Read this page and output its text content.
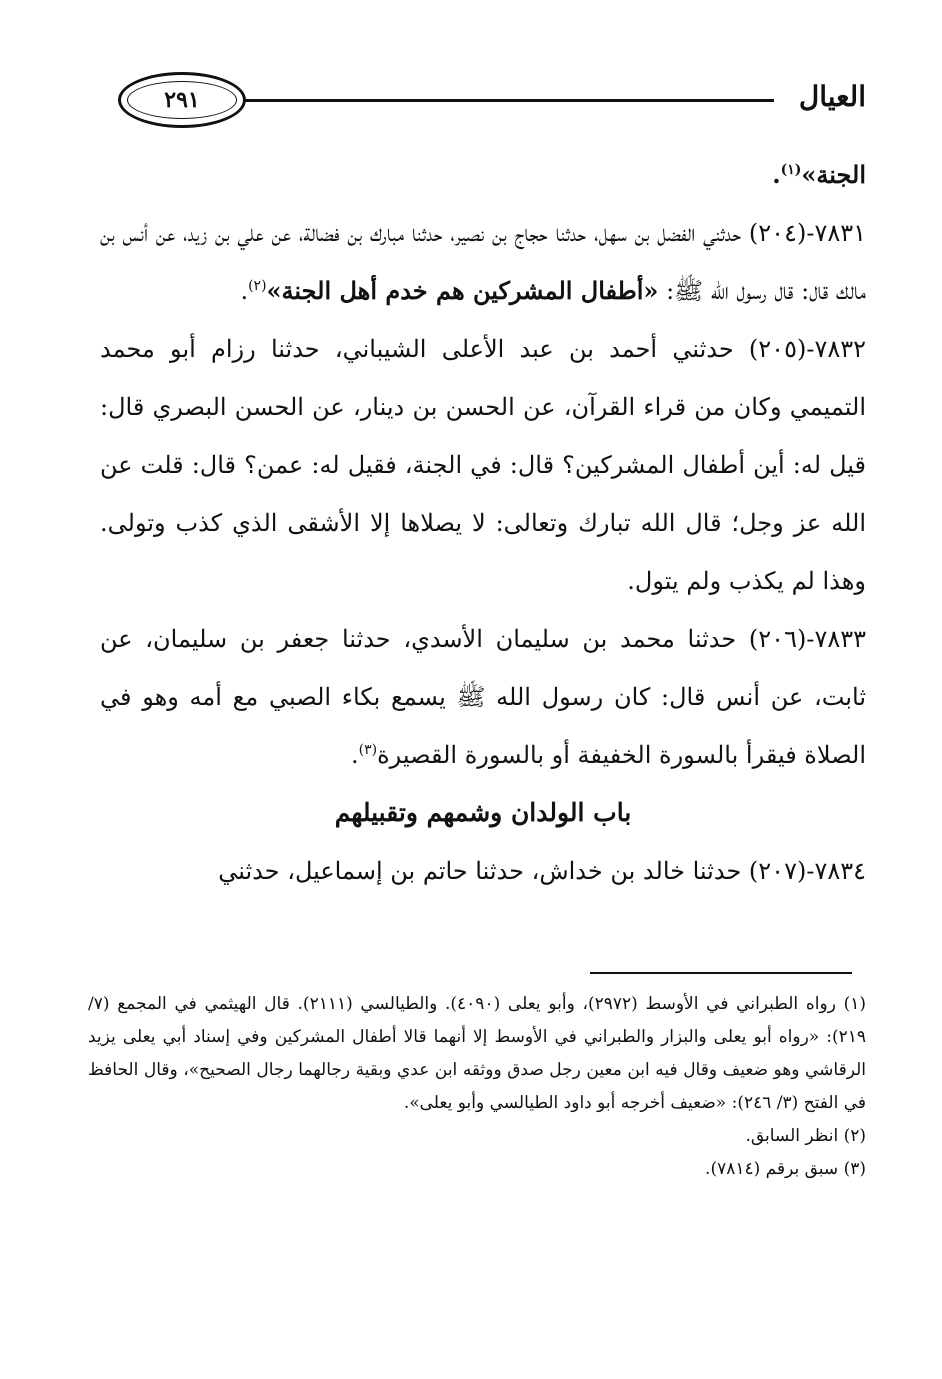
٢٩١	العيال

الجنة»$^{(١)}$.

٧٨٣١-(٢٠٤) حدثني الفضل بن سهل، حدثنا حجاج بن نصير، حدثنا مبارك بن فضالة، عن علي بن زيد، عن أنس بن مالك قال: قال رسول الله ﷺ: «أطفال المشركين هم خدم أهل الجنة»$^{(٢)}$.

٧٨٣٢-(٢٠٥) حدثني أحمد بن عبد الأعلى الشيباني، حدثنا رزام أبو محمد التميمي وكان من قراء القرآن، عن الحسن بن دينار، عن الحسن البصري قال: قيل له: أين أطفال المشركين؟ قال: في الجنة، فقيل له: عمن؟ قال: قلت عن الله عز وجل؛ قال الله تبارك وتعالى: لا يصلاها إلا الأشقى الذي كذب وتولى. وهذا لم يكذب ولم يتول.

٧٨٣٣-(٢٠٦) حدثنا محمد بن سليمان الأسدي، حدثنا جعفر بن سليمان، عن ثابت، عن أنس قال: كان رسول الله ﷺ يسمع بكاء الصبي مع أمه وهو في الصلاة فيقرأ بالسورة الخفيفة أو بالسورة القصيرة$^{(٣)}$.

باب الولدان وشمهم وتقبيلهم

٧٨٣٤-(٢٠٧) حدثنا خالد بن خداش، حدثنا حاتم بن إسماعيل، حدثني

(١) رواه الطبراني في الأوسط (٢٩٧٢)، وأبو يعلى (٤٠٩٠). والطيالسي (٢١١١). قال الهيثمي في المجمع (٧/ ٢١٩): «رواه أبو يعلى والبزار والطبراني في الأوسط إلا أنهما قالا أطفال المشركين وفي إسناد أبي يعلى يزيد الرقاشي وهو ضعيف وقال فيه ابن معين رجل صدق ووثقه ابن عدي وبقية رجالهما رجال الصحيح»، وقال الحافظ في الفتح (٣/ ٢٤٦): «ضعيف أخرجه أبو داود الطيالسي وأبو يعلى».

(٢) انظر السابق.

(٣) سبق برقم (٧٨١٤).
